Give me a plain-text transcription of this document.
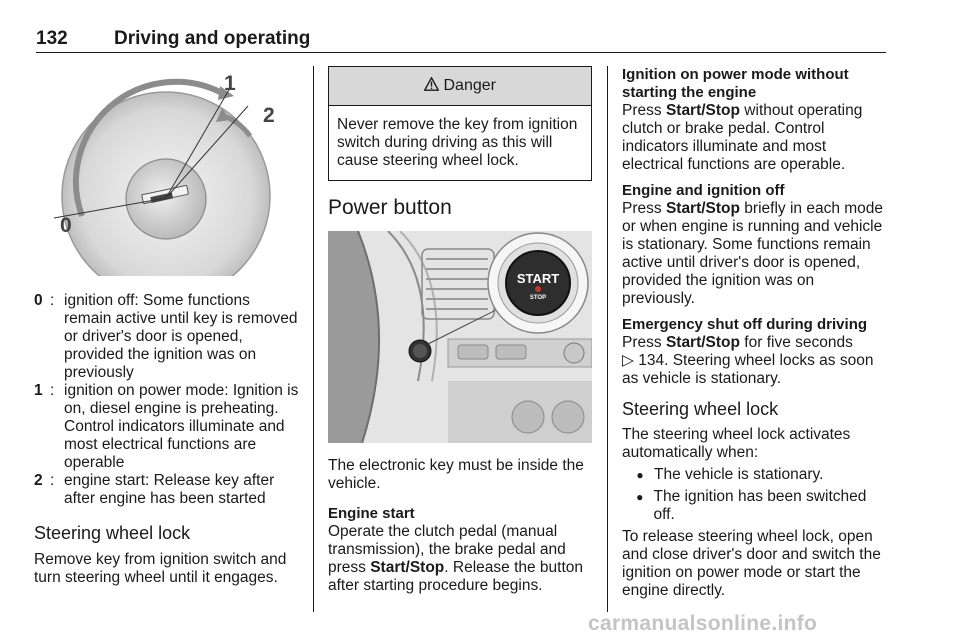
132 Driving and operating
0
1
2
0 : ignition off: Some functions remain active until key is removed or driver's door is opened, provided the ignition was on previously
1 : ignition on power mode: Ignition is on, diesel engine is preheating. Control indicators illuminate and most electrical functions are operable
2 : engine start: Release key after after engine has been started
Steering wheel lock

Remove key from ignition switch and turn steering wheel until it engages.

Danger
Never remove the key from ignition switch during driving as this will cause steering wheel lock.
Power button
START
STOP

The electronic key must be inside the vehicle.

Engine start

Operate the clutch pedal (manual transmission), the brake pedal and press Start/Stop. Release the button after starting procedure begins.

Ignition on power mode without starting the engine

Press Start/Stop without operating clutch or brake pedal. Control indicators illuminate and most electrical functions are operable.

Engine and ignition off

Press Start/Stop briefly in each mode or when engine is running and vehicle is stationary. Some functions remain active until driver's door is opened, provided the ignition was on previously.

Emergency shut off during driving

Press Start/Stop for five seconds
▷ 134. Steering wheel locks as soon as vehicle is stationary.

Steering wheel lock

The steering wheel lock activates automatically when:

● The vehicle is stationary.
● The ignition has been switched off.

To release steering wheel lock, open and close driver's door and switch the ignition on power mode or start the engine directly.

carmanualsonline.info
